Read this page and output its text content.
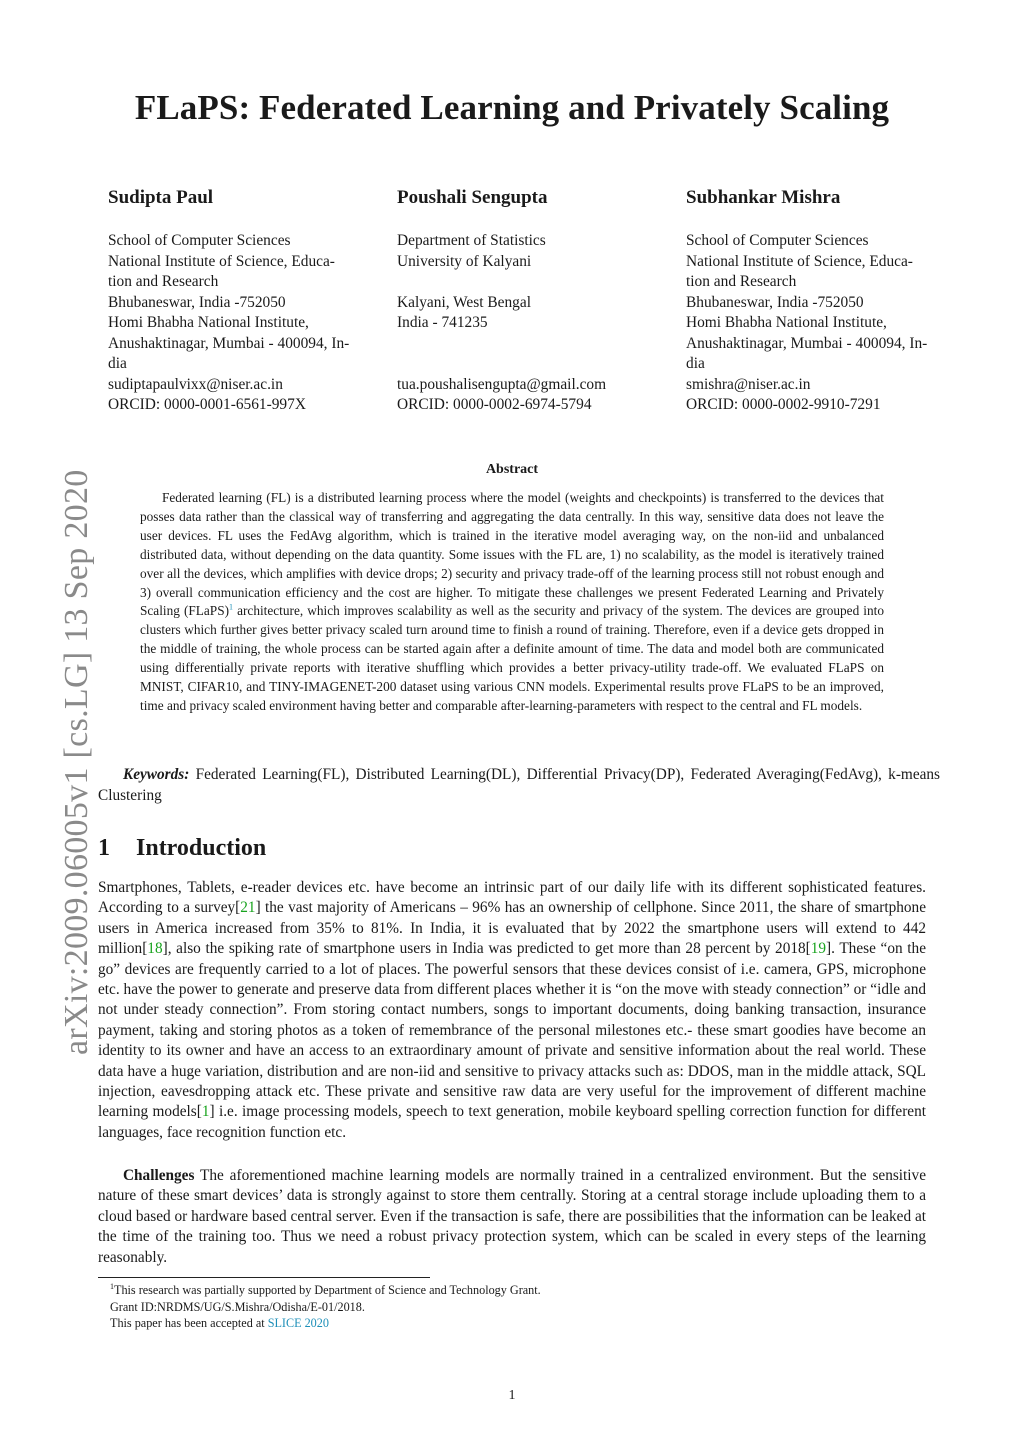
arXiv:2009.06005v1 [cs.LG] 13 Sep 2020
FLaPS: Federated Learning and Privately Scaling
Sudipta Paul
School of Computer Sciences
National Institute of Science, Educa-
tion and Research
Bhubaneswar, India -752050
Homi Bhabha National Institute,
Anushaktinagar, Mumbai - 400094, In-
dia
sudiptapaulvixx@niser.ac.in
ORCID: 0000-0001-6561-997X
Poushali Sengupta
Department of Statistics
University of Kalyani
Kalyani, West Bengal
India - 741235
tua.poushalisengupta@gmail.com
ORCID: 0000-0002-6974-5794
Subhankar Mishra
School of Computer Sciences
National Institute of Science, Educa-
tion and Research
Bhubaneswar, India -752050
Homi Bhabha National Institute,
Anushaktinagar, Mumbai - 400094, In-
dia
smishra@niser.ac.in
ORCID: 0000-0002-9910-7291
Abstract
Federated learning (FL) is a distributed learning process where the model (weights and checkpoints) is transferred to the devices that posses data rather than the classical way of transferring and aggregating the data centrally. In this way, sensitive data does not leave the user devices. FL uses the FedAvg algorithm, which is trained in the iterative model averaging way, on the non-iid and unbalanced distributed data, without depending on the data quantity. Some issues with the FL are, 1) no scalability, as the model is iteratively trained over all the devices, which amplifies with device drops; 2) security and privacy trade-off of the learning process still not robust enough and 3) overall communication efficiency and the cost are higher. To mitigate these challenges we present Federated Learning and Privately Scaling (FLaPS)$^1$ architecture, which improves scalability as well as the security and privacy of the system. The devices are grouped into clusters which further gives better privacy scaled turn around time to finish a round of training. Therefore, even if a device gets dropped in the middle of training, the whole process can be started again after a definite amount of time. The data and model both are communicated using differentially private reports with iterative shuffling which provides a better privacy-utility trade-off. We evaluated FLaPS on MNIST, CIFAR10, and TINY-IMAGENET-200 dataset using various CNN models. Experimental results prove FLaPS to be an improved, time and privacy scaled environment having better and comparable after-learning-parameters with respect to the central and FL models.
Keywords: Federated Learning(FL), Distributed Learning(DL), Differential Privacy(DP), Federated Averaging(FedAvg), k-means Clustering
1 Introduction
Smartphones, Tablets, e-reader devices etc. have become an intrinsic part of our daily life with its different sophisticated features. According to a survey[21] the vast majority of Americans – 96% has an ownership of cellphone. Since 2011, the share of smartphone users in America increased from 35% to 81%. In India, it is evaluated that by 2022 the smartphone users will extend to 442 million[18], also the spiking rate of smartphone users in India was predicted to get more than 28 percent by 2018[19]. These “on the go” devices are frequently carried to a lot of places. The powerful sensors that these devices consist of i.e. camera, GPS, microphone etc. have the power to generate and preserve data from different places whether it is “on the move with steady connection” or “idle and not under steady connection”. From storing contact numbers, songs to important documents, doing banking transaction, insurance payment, taking and storing photos as a token of remembrance of the personal milestones etc.- these smart goodies have become an identity to its owner and have an access to an extraordinary amount of private and sensitive information about the real world. These data have a huge variation, distribution and are non-iid and sensitive to privacy attacks such as: DDOS, man in the middle attack, SQL injection, eavesdropping attack etc. These private and sensitive raw data are very useful for the improvement of different machine learning models[1] i.e. image processing models, speech to text generation, mobile keyboard spelling correction function for different languages, face recognition function etc.
Challenges The aforementioned machine learning models are normally trained in a centralized environment. But the sensitive nature of these smart devices’ data is strongly against to store them centrally. Storing at a central storage include uploading them to a cloud based or hardware based central server. Even if the transaction is safe, there are possibilities that the information can be leaked at the time of the training too. Thus we need a robust privacy protection system, which can be scaled in every steps of the learning reasonably.
$^1$This research was partially supported by Department of Science and Technology Grant.
Grant ID:NRDMS/UG/S.Mishra/Odisha/E-01/2018.
This paper has been accepted at SLICE 2020
1
